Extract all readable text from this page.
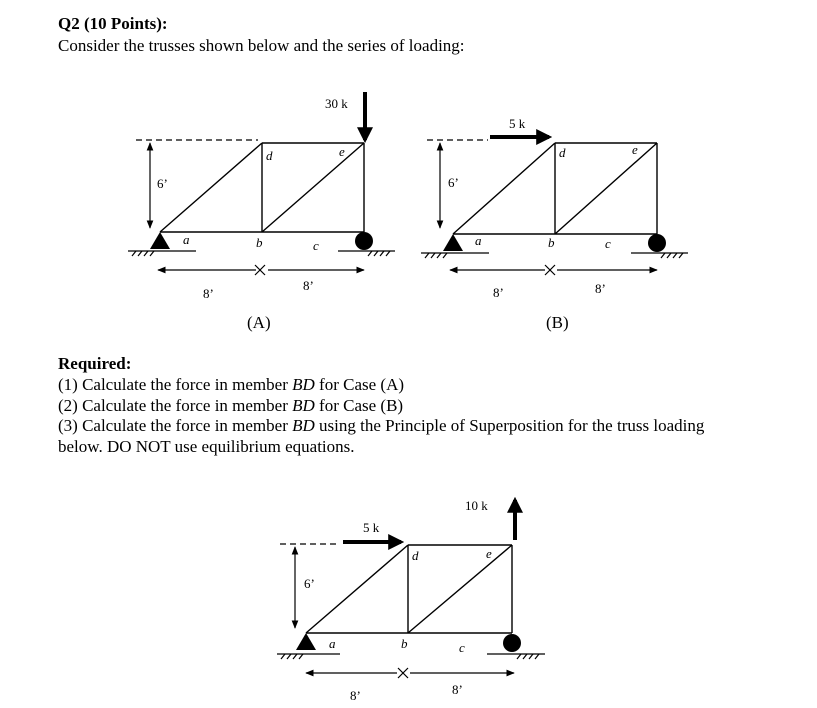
Q2 (10 Points):
Consider the trusses shown below and the series of loading:
6’
a	b	c
d	e
8’
8’
30 k
(A)
6’
a	b	c
d	e
8’	8’
5 k
(B)
6’
a	b	c
d	e
8’	8’
5 k
10 k
Required:
(1) Calculate the force in member BD for Case (A)
(2) Calculate the force in member BD for Case (B)
(3) Calculate the force in member BD using the Principle of Superposition for the truss loading
below. DO NOT use equilibrium equations.
